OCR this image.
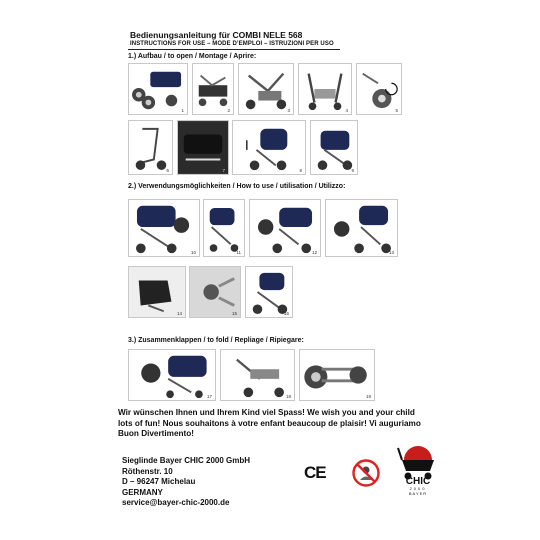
Bedienungsanleitung für COMBI NELE 568
INSTRUCTIONS FOR USE – MODE D’EMPLOI – ISTRUZIONI PER USO
1.) Aufbau / to open / Montage / Aprire:
2.) Verwendungsmöglichkeiten / How to use / utilisation / Utilizzo:
3.) Zusammenklappen / to fold / Repliage / Ripiegare:
1	2	3	4	5
6	7	8	9
10	11	12	13
14	15	16
17	18	19
Wir wünschen Ihnen und Ihrem Kind viel Spass! We wish you and your child lots of fun! Nous souhaitons à votre enfant beaucoup de plaisir! Vi auguriamo Buon Divertimento!
Sieglinde Bayer CHIC 2000 GmbH
Röthenstr. 10
D – 96247 Michelau
GERMANY
service@bayer-chic-2000.de
CE	CHIC
2000
BAYER
